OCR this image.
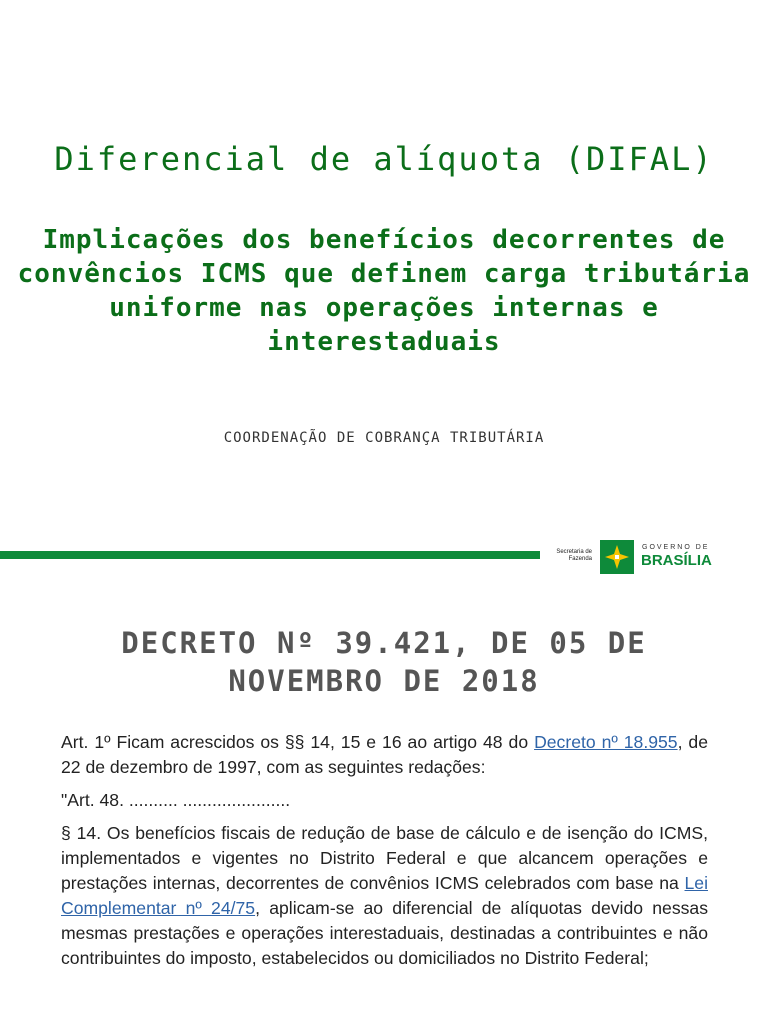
Diferencial de alíquota (DIFAL)
Implicações dos benefícios decorrentes de convêncios ICMS que definem carga tributária uniforme nas operações internas e interestaduais
COORDENAÇÃO DE COBRANÇA TRIBUTÁRIA
Secretaria de
Fazenda
GOVERNO DE
BRASÍLIA
DECRETO Nº 39.421, DE 05 DE NOVEMBRO DE 2018

Art. 1º Ficam acrescidos os §§ 14, 15 e 16 ao artigo 48 do Decreto nº 18.955, de 22 de dezembro de 1997, com as seguintes redações:

"Art. 48. .......... ......................

§ 14. Os benefícios fiscais de redução de base de cálculo e de isenção do ICMS, implementados e vigentes no Distrito Federal e que alcancem operações e prestações internas, decorrentes de convênios ICMS celebrados com base na Lei Complementar nº 24/75, aplicam-se ao diferencial de alíquotas devido nessas mesmas prestações e operações interestaduais, destinadas a contribuintes e não contribuintes do imposto, estabelecidos ou domiciliados no Distrito Federal;
